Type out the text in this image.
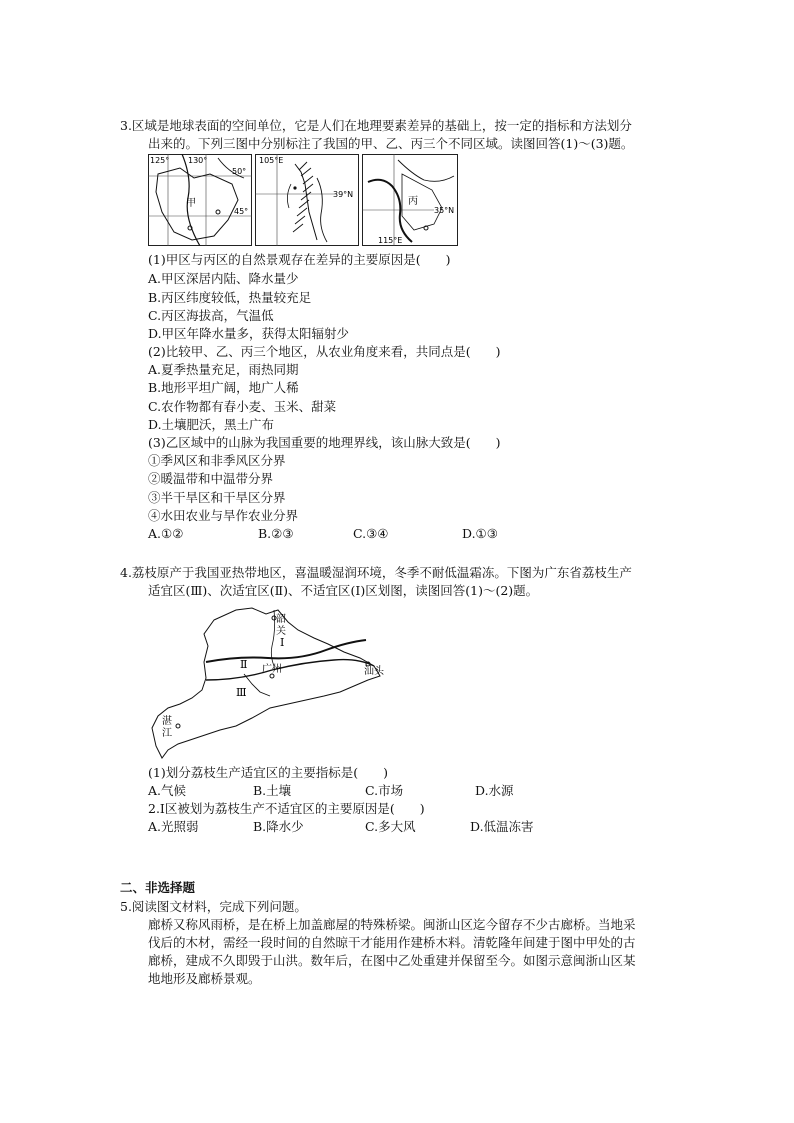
3.区域是地球表面的空间单位，它是人们在地理要素差异的基础上，按一定的指标和方法划分
出来的。下列三图中分别标注了我国的甲、乙、丙三个不同区域。读图回答(1)～(3)题。
125° 130°
50°
45°
甲
105°E
39°N
丙
35°N
115°E
(1)甲区与丙区的自然景观存在差异的主要原因是(　　)
A.甲区深居内陆、降水量少
B.丙区纬度较低，热量较充足
C.丙区海拔高，气温低
D.甲区年降水量多，获得太阳辐射少
(2)比较甲、乙、丙三个地区，从农业角度来看，共同点是(　　)
A.夏季热量充足，雨热同期
B.地形平坦广阔，地广人稀
C.农作物都有春小麦、玉米、甜菜
D.土壤肥沃，黑土广布
(3)乙区域中的山脉为我国重要的地理界线，该山脉大致是(　　)
①季风区和非季风区分界
②暖温带和中温带分界
③半干旱区和干旱区分界
④水田农业与旱作农业分界
A.①②	B.②③	C.③④	D.①③
4.荔枝原产于我国亚热带地区，喜温暖湿润环境，冬季不耐低温霜冻。下图为广东省荔枝生产
适宜区(Ⅲ)、次适宜区(Ⅱ)、不适宜区(Ⅰ)区划图，读图回答(1)～(2)题。
韶
关
Ⅰ
Ⅱ
Ⅲ
广州	汕头
湛
江
(1)划分荔枝生产适宜区的主要指标是(　　)
A.气候	B.土壤	C.市场	D.水源
2.Ⅰ区被划为荔枝生产不适宜区的主要原因是(　　)
A.光照弱	B.降水少	C.多大风	D.低温冻害
二、非选择题
5.阅读图文材料，完成下列问题。
廊桥又称风雨桥，是在桥上加盖廊屋的特殊桥梁。闽浙山区迄今留存不少古廊桥。当地采
伐后的木材，需经一段时间的自然晾干才能用作建桥木料。清乾隆年间建于图中甲处的古
廊桥，建成不久即毁于山洪。数年后，在图中乙处重建并保留至今。如图示意闽浙山区某
地地形及廊桥景观。
